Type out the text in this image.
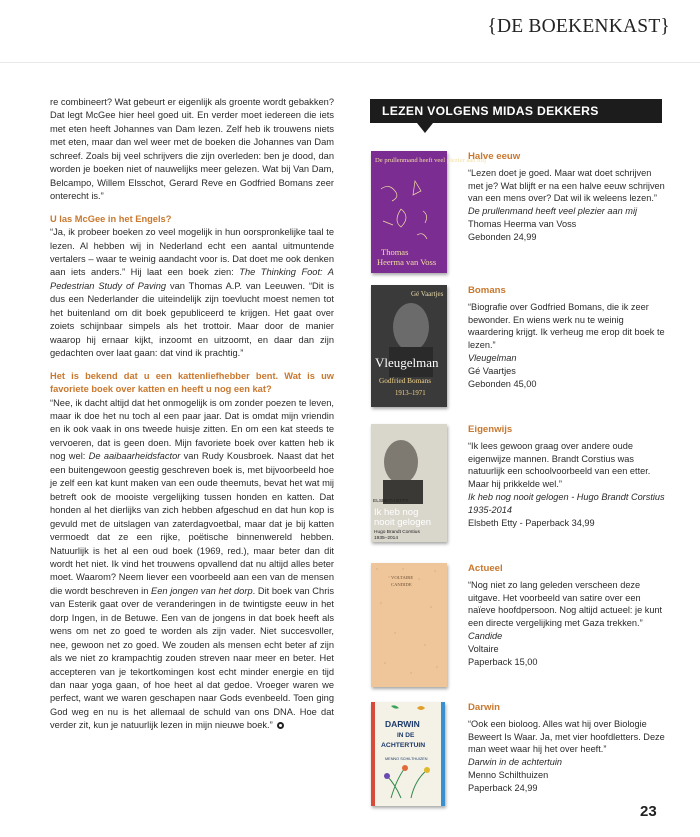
{DE BOEKENKAST}

re combineert? Wat gebeurt er eigenlijk als groente wordt gebakken? Dat legt McGee hier heel goed uit. En verder moet iedereen die iets met eten heeft Johannes van Dam lezen. Zelf heb ik trouwens niets met eten, maar dan wel weer met de boeken die Johannes van Dam schreef. Zoals bij veel schrijvers die zijn overleden: ben je dood, dan worden je boeken niet of nauwelijks meer gelezen. Wat bij Van Dam, Belcampo, Willem Elsschot, Gerard Reve en Godfried Bomans zeer onterecht is.”

U las McGee in het Engels?

“Ja, ik probeer boeken zo veel mogelijk in hun oorspronkelijke taal te lezen. Al hebben wij in Nederland echt een aantal uitmuntende vertalers – waar te weinig aandacht voor is. Dat doet me ook denken aan iets anders.” Hij laat een boek zien: The Thinking Foot: A Pedestrian Study of Paving van Thomas A.P. van Leeuwen. “Dit is dus een Nederlander die uiteindelijk zijn toevlucht moest nemen tot het buitenland om dit boek gepubliceerd te krijgen. Het gaat over zoiets schijnbaar simpels als het trottoir. Maar door de manier waarop hij ernaar kijkt, inzoomt en uitzoomt, en daar dan zijn gedachten over laat gaan: dat vind ik prachtig.”

Het is bekend dat u een kattenliefhebber bent. Wat is uw favoriete boek over katten en heeft u nog een kat?

“Nee, ik dacht altijd dat het onmogelijk is om zonder poezen te leven, maar ik doe het nu toch al een paar jaar. Dat is omdat mijn vriendin en ik ook vaak in ons tweede huisje zitten. En om een kat steeds te vervoeren, dat is geen doen. Mijn favoriete boek over katten heb ik nog wel: De aaibaarheidsfactor van Rudy Kousbroek. Naast dat het een buitengewoon geestig geschreven boek is, met bijvoorbeeld hoe je zelf een kat kunt maken van een oude theemuts, bevat het wat mij betreft ook de mooiste vergelijking tussen honden en katten. Dat honden al het dierlijks van zich hebben afgeschud en dat hun kop is gevuld met de uitslagen van zaterdagvoetbal, maar dat je bij katten vermoedt dat ze een rijke, poëtische binnenwereld hebben. Natuurlijk is het al een oud boek (1969, red.), maar beter dan dit wordt het niet. Ik vind het trouwens opvallend dat nu altijd alles beter moet. Waarom? Neem liever een voorbeeld aan een van de mensen die wordt beschreven in Een jongen van het dorp. Dit boek van Chris van Esterik gaat over de veranderingen in de twintigste eeuw in het dorp Ingen, in de Betuwe. Een van de jongens in dat boek heeft als wens om net zo goed te worden als zijn vader. Niet succesvoller, nee, gewoon net zo goed. We zouden als mensen echt beter af zijn als we niet zo krampachtig zouden streven naar meer en beter. Het accepteren van je tekortkomingen kost echt minder energie en tijd dan naar yoga gaan, of hoe heet al dat gedoe. Vroeger waren we perfect, want we waren geschapen naar Gods evenbeeld. Toen ging God weg en nu is het allemaal de schuld van ons DNA. Hoe dat verder zit, kun je natuurlijk lezen in mijn nieuwe boek.”

LEZEN VOLGENS MIDAS DEKKERS
De prullenmand heeft veel plezier aan mij
Thomas
Heerma van Voss
Halve eeuw
“Lezen doet je goed. Maar wat doet schrijven met je? Wat blijft er na een halve eeuw schrijven van een mens over? Dat wil ik weleens lezen.”
De prullenmand heeft veel plezier aan mij
Thomas Heerma van Voss
Gebonden 24,99
Gé Vaartjes
Vleugelman
Godfried Bomans
1913–1971
Bomans
“Biografie over Godfried Bomans, die ik zeer bewonder. En wiens werk nu te weinig waardering krijgt. Ik verheug me erop dit boek te lezen.”
Vleugelman
Gé Vaartjes
Gebonden 45,00
ELSBETH ETTY
Ik heb nog
nooit gelogen
Hugo Brandt Corstius
1935–2014
Eigenwijs
“Ik lees gewoon graag over andere oude eigenwijze mannen. Brandt Corstius was natuurlijk een schoolvoorbeeld van een etter. Maar hij prikkelde wel.”
Ik heb nog nooit gelogen - Hugo Brandt Corstius 1935-2014
Elsbeth Etty - Paperback 34,99
VOLTAIRE
CANDIDE
Actueel
“Nog niet zo lang geleden verscheen deze uitgave. Het voorbeeld van satire over een naïeve hoofdpersoon. Nog altijd actueel: je kunt een directe vergelijking met Gaza trekken.”
Candide
Voltaire
Paperback 15,00
DARWIN
IN DE
ACHTERTUIN
MENNO SCHILTHUIZEN
Darwin
“Ook een bioloog. Alles wat hij over Biologie Beweert Is Waar. Ja, met vier hoofdletters. Deze man weet waar hij het over heeft.”
Darwin in de achtertuin
Menno Schilthuizen
Paperback 24,99
23
